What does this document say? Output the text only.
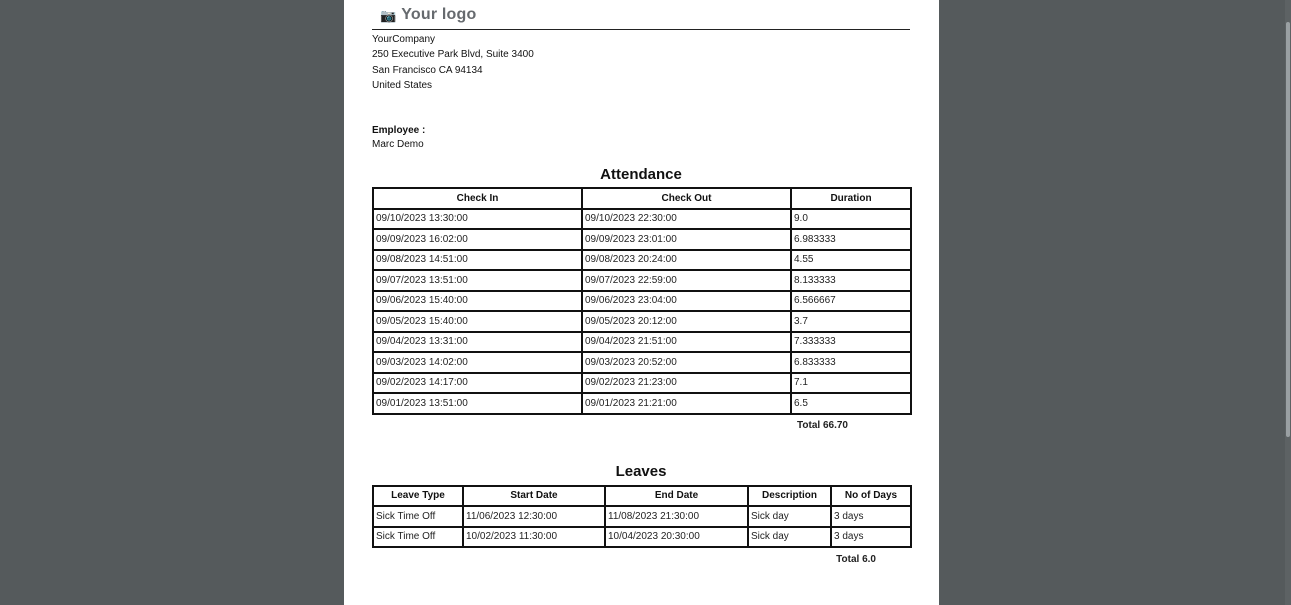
📷 Your logo
YourCompany
250 Executive Park Blvd, Suite 3400
San Francisco CA 94134
United States
Employee :
Marc Demo
Attendance
Check In	Check Out	Duration
09/10/2023 13:30:00	09/10/2023 22:30:00	9.0
09/09/2023 16:02:00	09/09/2023 23:01:00	6.983333
09/08/2023 14:51:00	09/08/2023 20:24:00	4.55
09/07/2023 13:51:00	09/07/2023 22:59:00	8.133333
09/06/2023 15:40:00	09/06/2023 23:04:00	6.566667
09/05/2023 15:40:00	09/05/2023 20:12:00	3.7
09/04/2023 13:31:00	09/04/2023 21:51:00	7.333333
09/03/2023 14:02:00	09/03/2023 20:52:00	6.833333
09/02/2023 14:17:00	09/02/2023 21:23:00	7.1
09/01/2023 13:51:00	09/01/2023 21:21:00	6.5
Total 66.70
Leaves
Leave Type	Start Date	End Date	Description	No of Days
Sick Time Off	11/06/2023 12:30:00	11/08/2023 21:30:00	Sick day	3 days
Sick Time Off	10/02/2023 11:30:00	10/04/2023 20:30:00	Sick day	3 days
Total 6.0
